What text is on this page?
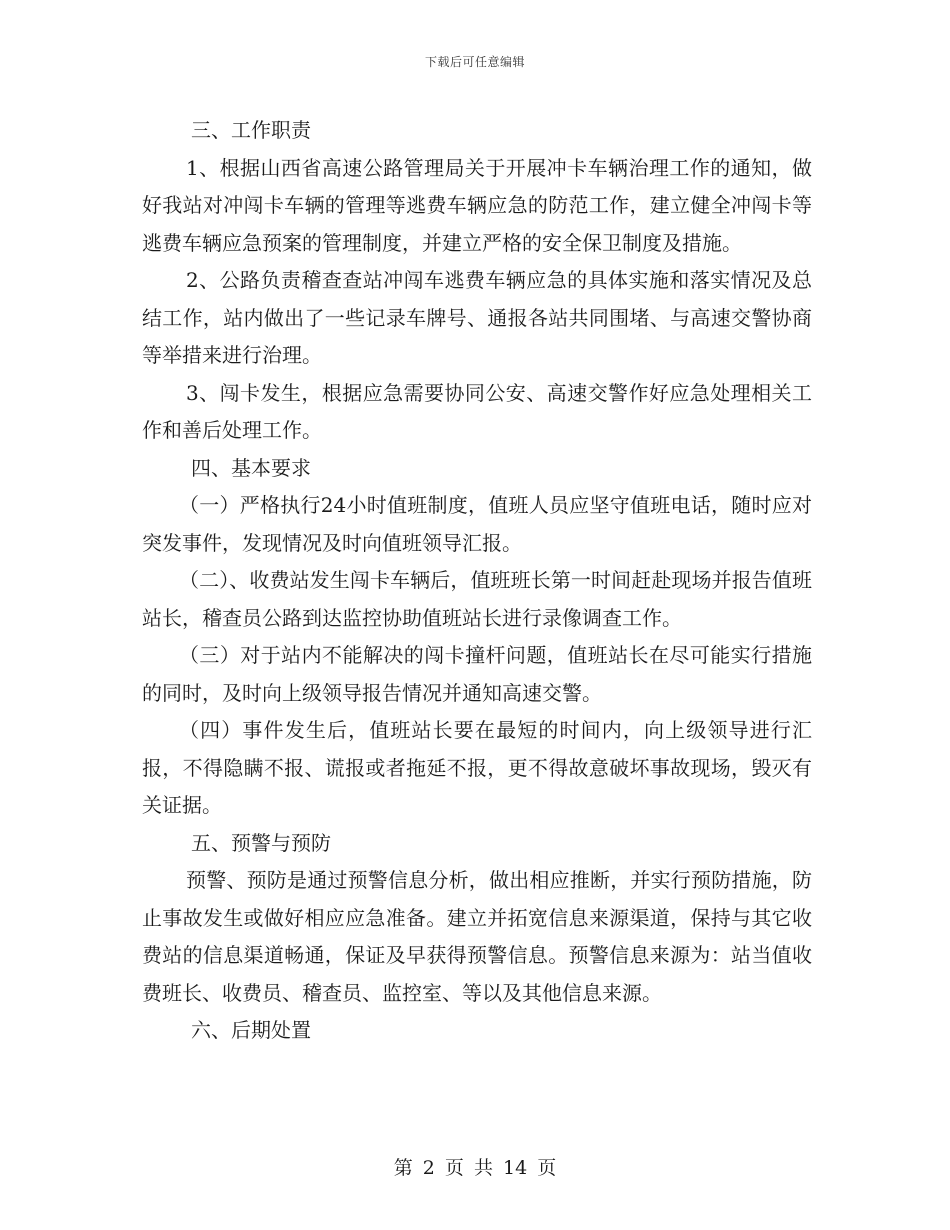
下载后可任意编辑

三、工作职责

1、根据山西省高速公路管理局关于开展冲卡车辆治理工作的通知，做好我站对冲闯卡车辆的管理等逃费车辆应急的防范工作，建立健全冲闯卡等逃费车辆应急预案的管理制度，并建立严格的安全保卫制度及措施。

2、公路负责稽查查站冲闯车逃费车辆应急的具体实施和落实情况及总结工作，站内做出了一些记录车牌号、通报各站共同围堵、与高速交警协商等举措来进行治理。

3、闯卡发生，根据应急需要协同公安、高速交警作好应急处理相关工作和善后处理工作。

四、基本要求

（一）严格执行24小时值班制度，值班人员应坚守值班电话，随时应对突发事件，发现情况及时向值班领导汇报。

（二）、收费站发生闯卡车辆后，值班班长第一时间赶赴现场并报告值班站长，稽查员公路到达监控协助值班站长进行录像调查工作。

（三）对于站内不能解决的闯卡撞杆问题，值班站长在尽可能实行措施的同时，及时向上级领导报告情况并通知高速交警。

（四）事件发生后，值班站长要在最短的时间内，向上级领导进行汇报，不得隐瞒不报、谎报或者拖延不报，更不得故意破坏事故现场，毁灭有关证据。

五、预警与预防

预警、预防是通过预警信息分析，做出相应推断，并实行预防措施，防止事故发生或做好相应应急准备。建立并拓宽信息来源渠道，保持与其它收费站的信息渠道畅通，保证及早获得预警信息。预警信息来源为：站当值收费班长、收费员、稽查员、监控室、等以及其他信息来源。

六、后期处置

第 2 页 共 14 页
